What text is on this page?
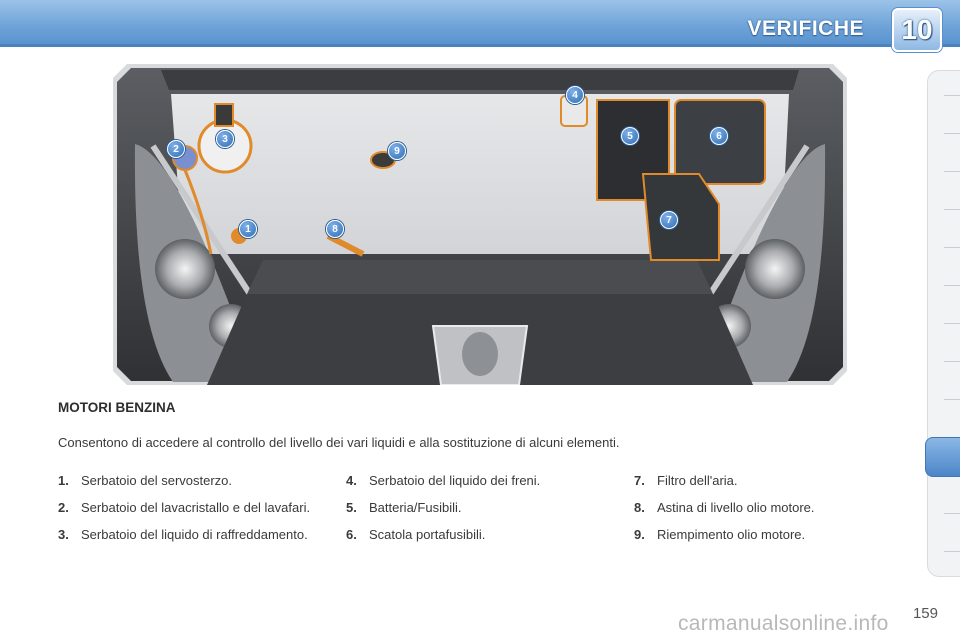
VERIFICHE	10
1
2
3
4
5	6
7
8
9
MOTORI BENZINA
Consentono di accedere al controllo del livello dei vari liquidi e alla sostituzione di alcuni elementi.
1. Serbatoio del servosterzo.
2. Serbatoio del lavacristallo e del lavafari.
3. Serbatoio del liquido di raffreddamento.
4. Serbatoio del liquido dei freni.
5. Batteria/Fusibili.
6. Scatola portafusibili.
7. Filtro dell'aria.
8. Astina di livello olio motore.
9. Riempimento olio motore.
159
carmanualsonline.info
